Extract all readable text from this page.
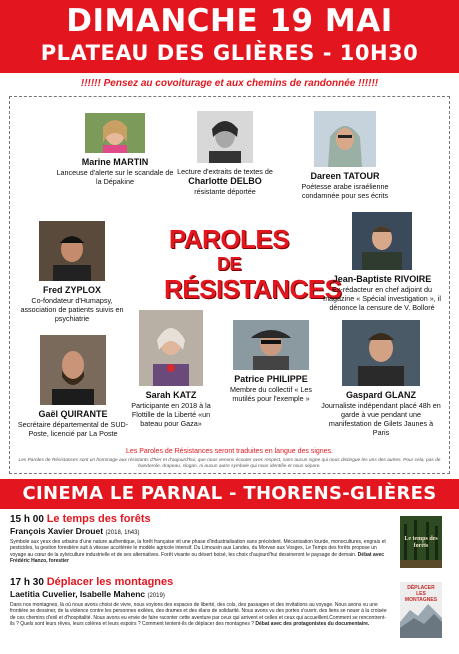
DIMANCHE 19 MAI
PLATEAU DES GLIÈRES - 10H30
!!!!!! Pensez au covoiturage et aux chemins de randonnée !!!!!!
Marine MARTIN
Lanceuse d'alerte sur le scandale de la Dépakine
Lecture d'extraits de textes de
Charlotte DELBO
résistante déportée
Dareen TATOUR
Poétesse arabe israélienne condamnée pour ses écrits
Fred ZYPLOX
Co-fondateur d'Humapsy, association de patients suivis en psychiatrie
PAROLES
DE
RÉSISTANCES
Jean-Baptiste RIVOIRE
Ex-rédacteur en chef adjoint du magazine « Spécial investigation », il dénonce la censure de V. Bolloré
Gaël QUIRANTE
Secrétaire départemental de SUD-Poste, licencié par La Poste
Sarah KATZ
Participante en 2018 à la Flottille de la Liberté «un bateau pour Gaza»
Patrice PHILIPPE
Membre du collectif « Les mutilés pour l'exemple »	Gaspard GLANZ
Journaliste indépendant placé 48h en garde à vue pendant une manifestation de Gilets Jaunes à Paris
Les Paroles de Résistances seront traduites en langue des signes.
Les Paroles de Résistances sont un hommage aux résistants d'hier et d'aujourd'hui, que nous venons écouter avec respect, sans aucun signe qui nous distingue les uns des autres. Pour cela, pas de banderole, drapeau, slogan, ni aucun autre symbole qui nous identifie et nous sépare.
CINEMA LE PARNAL - THORENS-GLIÈRES
15 h 00 Le temps des forêts
François Xavier Drouet (2018, 1h43)
Symbole aux yeux des urbains d'une nature authentique, la forêt française vit une phase d'industrialisation sans précédent. Mécanisation lourde, monocultures, engrais et pesticides, la gestion forestière suit à vitesse accélérée le modèle agricole intensif. Du Limousin aux Landes, du Morvan aux Vosges, Le Temps des forêts propose un voyage au cœur de la sylviculture industrielle et de ses alternatives. Forêt vivante ou désert boisé, les choix d'aujourd'hui dessineront le paysage de demain. Débat avec Frédéric Hanzo, forestier
Le temps des forêts
17 h 30 Déplacer les montagnes
Laetitia Cuvelier, Isabelle Mahenc (2019)
Dans nos montagnes, là où nous avons choisi de vivre, nous voyions des espaces de liberté, des cols, des passages et des invitations au voyage. Nous avons vu une frontière se dessiner, de la violence contre les personnes exilées, des drames et des élans de solidarité. Nous avons vu des portes s'ouvrir, des liens se nouer à la croisée de ces chemins d'exil et d'hospitalité. Nous avons eu envie de faire raconter cette aventure par ceux qui arrivent et celles et ceux qui accueillent.Comment se rencontrent-ils ? Quels sont leurs rêves, leurs colères et leurs espoirs ? Comment tentent-ils de déplacer des montagnes ? Débat avec des protagonistes du documentaire.
DÉPLACER LES MONTAGNES
